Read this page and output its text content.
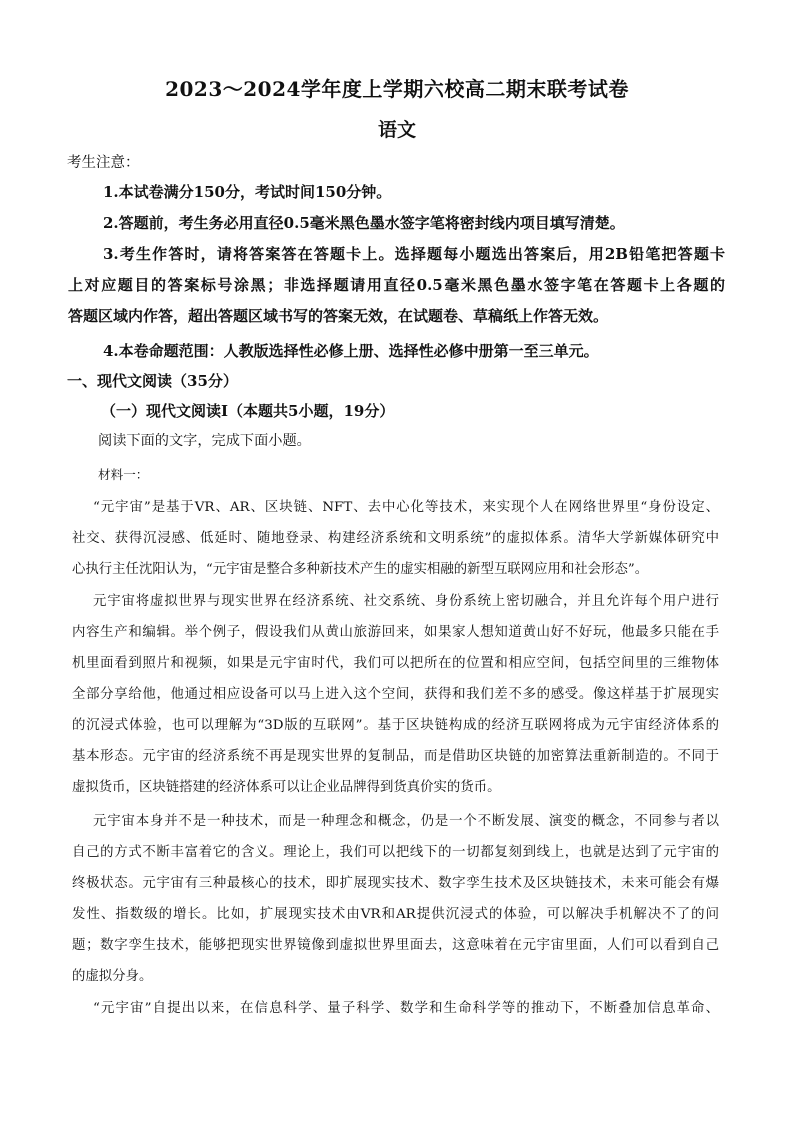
2023～2024学年度上学期六校高二期末联考试卷
语文
考生注意：
1.本试卷满分150分，考试时间150分钟。
2.答题前，考生务必用直径0.5毫米黑色墨水签字笔将密封线内项目填写清楚。
3.考生作答时，请将答案答在答题卡上。选择题每小题选出答案后，用2B铅笔把答题卡
上对应题目的答案标号涂黑；非选择题请用直径0.5毫米黑色墨水签字笔在答题卡上各题的
答题区域内作答，超出答题区域书写的答案无效，在试题卷、草稿纸上作答无效。
4.本卷命题范围：人教版选择性必修上册、选择性必修中册第一至三单元。
一、现代文阅读（35分）
（一）现代文阅读Ⅰ（本题共5小题，19分）
阅读下面的文字，完成下面小题。
材料一：
“元宇宙”是基于VR、AR、区块链、NFT、去中心化等技术，来实现个人在网络世界里“身份设定、
社交、获得沉浸感、低延时、随地登录、构建经济系统和文明系统”的虚拟体系。清华大学新媒体研究中
心执行主任沈阳认为，“元宇宙是整合多种新技术产生的虚实相融的新型互联网应用和社会形态”。
元宇宙将虚拟世界与现实世界在经济系统、社交系统、身份系统上密切融合，并且允许每个用户进行
内容生产和编辑。举个例子，假设我们从黄山旅游回来，如果家人想知道黄山好不好玩，他最多只能在手
机里面看到照片和视频，如果是元宇宙时代，我们可以把所在的位置和相应空间，包括空间里的三维物体
全部分享给他，他通过相应设备可以马上进入这个空间，获得和我们差不多的感受。像这样基于扩展现实
的沉浸式体验，也可以理解为“3D版的互联网”。基于区块链构成的经济互联网将成为元宇宙经济体系的
基本形态。元宇宙的经济系统不再是现实世界的复制品，而是借助区块链的加密算法重新制造的。不同于
虚拟货币，区块链搭建的经济体系可以让企业品牌得到货真价实的货币。
元宇宙本身并不是一种技术，而是一种理念和概念，仍是一个不断发展、演变的概念，不同参与者以
自己的方式不断丰富着它的含义。理论上，我们可以把线下的一切都复刻到线上，也就是达到了元宇宙的
终极状态。元宇宙有三种最核心的技术，即扩展现实技术、数字孪生技术及区块链技术，未来可能会有爆
发性、指数级的增长。比如，扩展现实技术由VR和AR提供沉浸式的体验，可以解决手机解决不了的问
题；数字孪生技术，能够把现实世界镜像到虚拟世界里面去，这意味着在元宇宙里面，人们可以看到自己
的虚拟分身。
“元宇宙”自提出以来，在信息科学、量子科学、数学和生命科学等的推动下，不断叠加信息革命、
